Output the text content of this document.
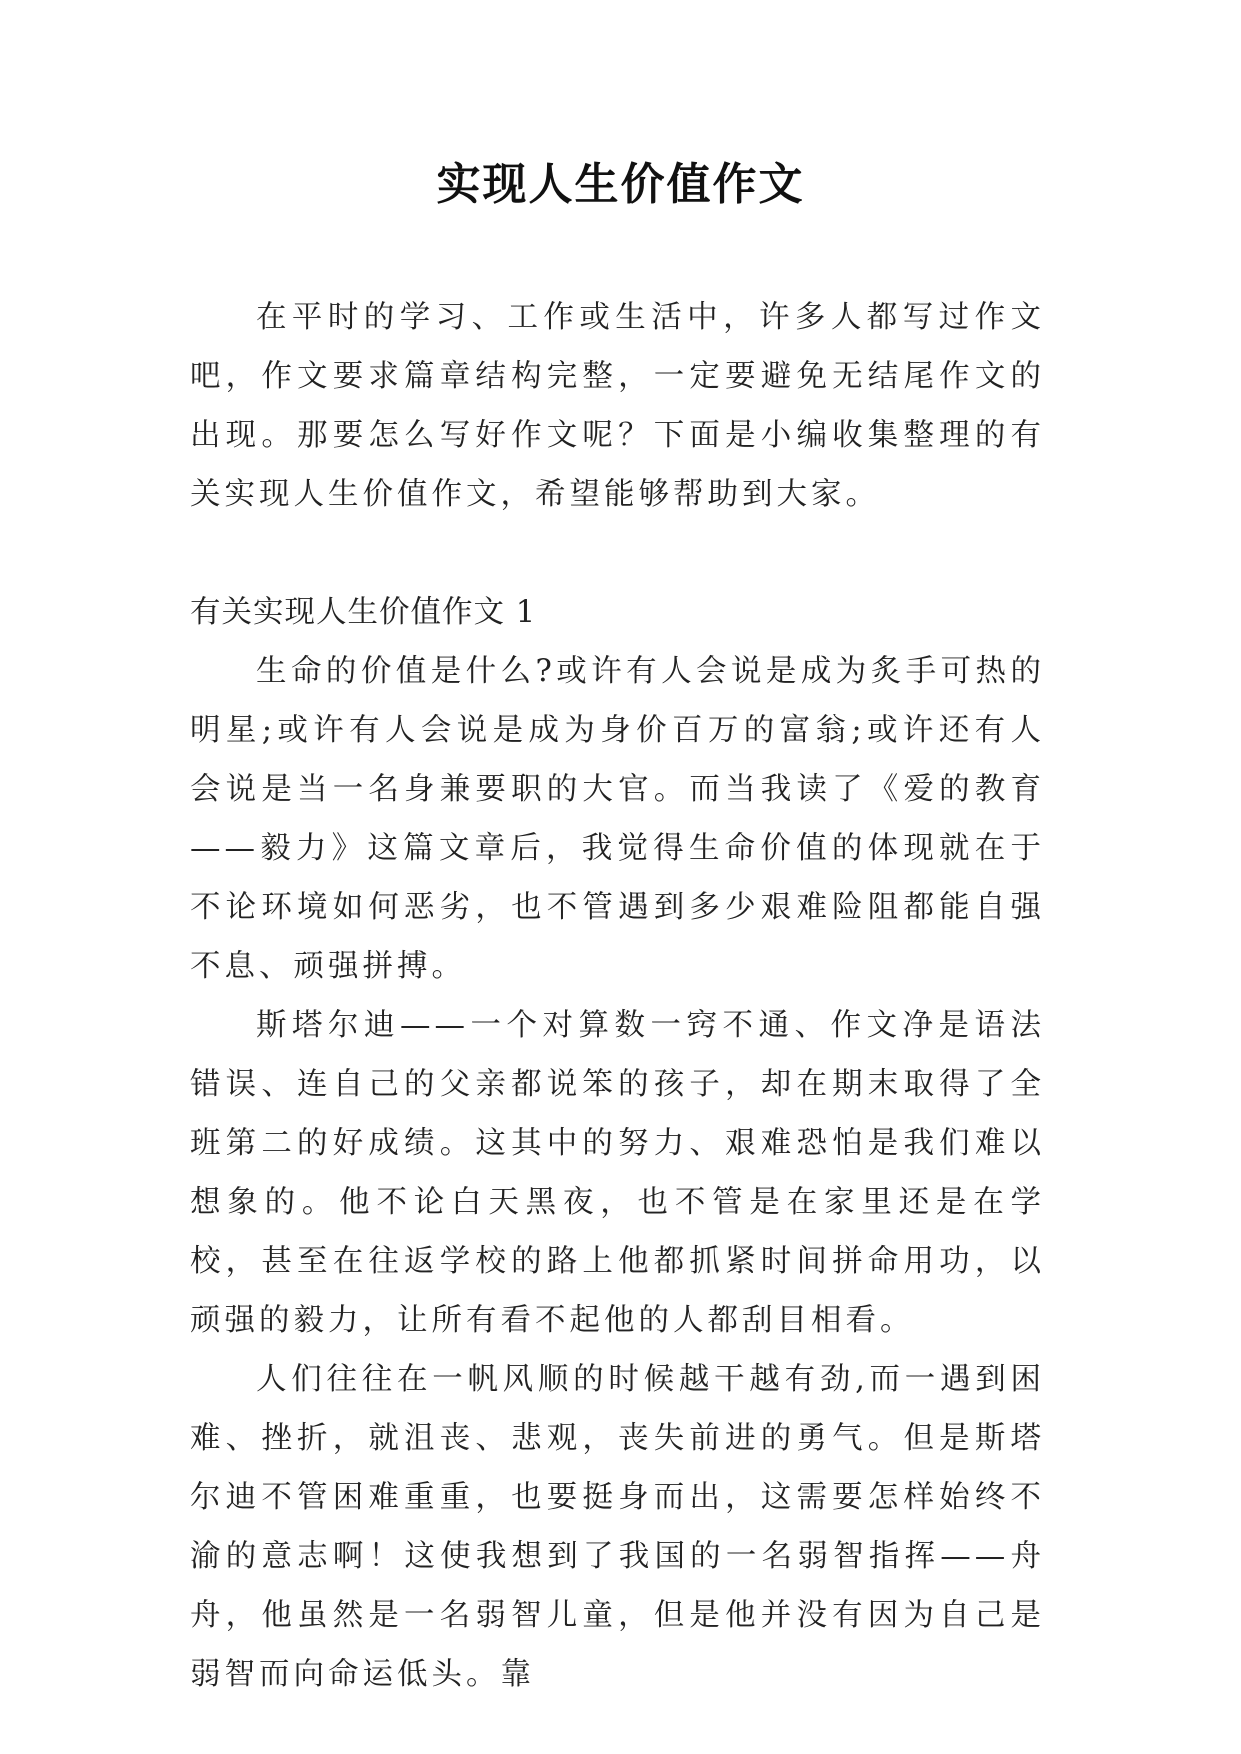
实现人生价值作文

在平时的学习、工作或生活中，许多人都写过作文吧，作文要求篇章结构完整，一定要避免无结尾作文的出现。那要怎么写好作文呢？下面是小编收集整理的有关实现人生价值作文，希望能够帮助到大家。

有关实现人生价值作文 1

生命的价值是什么?或许有人会说是成为炙手可热的明星;或许有人会说是成为身价百万的富翁;或许还有人会说是当一名身兼要职的大官。而当我读了《爱的教育——毅力》这篇文章后，我觉得生命价值的体现就在于不论环境如何恶劣，也不管遇到多少艰难险阻都能自强不息、顽强拼搏。

斯塔尔迪——一个对算数一窍不通、作文净是语法错误、连自己的父亲都说笨的孩子，却在期末取得了全班第二的好成绩。这其中的努力、艰难恐怕是我们难以想象的。他不论白天黑夜，也不管是在家里还是在学校，甚至在往返学校的路上他都抓紧时间拼命用功，以顽强的毅力，让所有看不起他的人都刮目相看。

人们往往在一帆风顺的时候越干越有劲,而一遇到困难、挫折，就沮丧、悲观，丧失前进的勇气。但是斯塔尔迪不管困难重重，也要挺身而出，这需要怎样始终不渝的意志啊！这使我想到了我国的一名弱智指挥——舟舟，他虽然是一名弱智儿童，但是他并没有因为自己是弱智而向命运低头。靠
